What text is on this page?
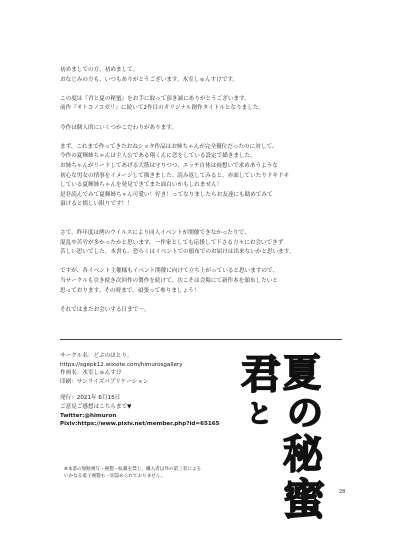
初めましての方、初めまして。

おなじみの方も、いつもありがとうございます。氷室しゅんすけです。

この度は『君と夏の秘蜜』をお手に取って頂き誠にありがとうございます。

前作『オトコノコガリ』に続いて2作目のオリジナル創作タイトルとなりました。

今作は個人的にいくつかこだわりがあります。

まず、これまで作ってきたおねショタ作品はお姉ちゃんが完全優位だったのに対して、

今作の夏輝姉ちゃんは主人公である翔くんに恋をしている設定で描きました。

お姉ちゃんがリードしてあげる大筋は守りつつ、エッチ自体は両想いで求めあうような

初心な男女の情事をイメージして描きました。読み返してみると、赤面していたりドキドキ

している夏輝姉ちゃんを発見できてまた面白いかもしれません！

是非読んでみて夏輝姉ちゃん可愛い！好き！ってなりましたらお友達にも勧めてみて

頂けると嬉しい限りです！！

さて、昨年度は例のウイルスにより同人イベントが開催できなかったりで、

混乱や苦労が多かったかと思います。一作家としても応援して下さる方々にお会いできず

苦しい思いでした。本書も、恐らくはイベントでの頒布でのお届けは出来ないかと思います。

ですが、各イベント主催様もイベント開催に向けて立ち上がっていると思いますので、

当サークルも引き続き次回作の製作を続けて、次こそは会場にて新作本を頒布したいと

思っております。その時まで、頑張って参りましょう！

それではまたお会いする日まで〜。

サークル名：どぶのほとり。

https://sgepk12.wixsite.com/himurosgallery

作画名：氷室しゅんすけ

印刷：サンライズパブリケーション

発行：2021年 6月15日

ご意見ご感想はこちらまで▼

Twitter:@himuron

Pixiv:https://www.pixiv.net/member.php?id=65165

※本書の無断複写・複製・転載を禁じ、購入者以外の第三者による

いかなる電子複製も一切認められておりません。

君
と
夏
の
秘
蜜	28
